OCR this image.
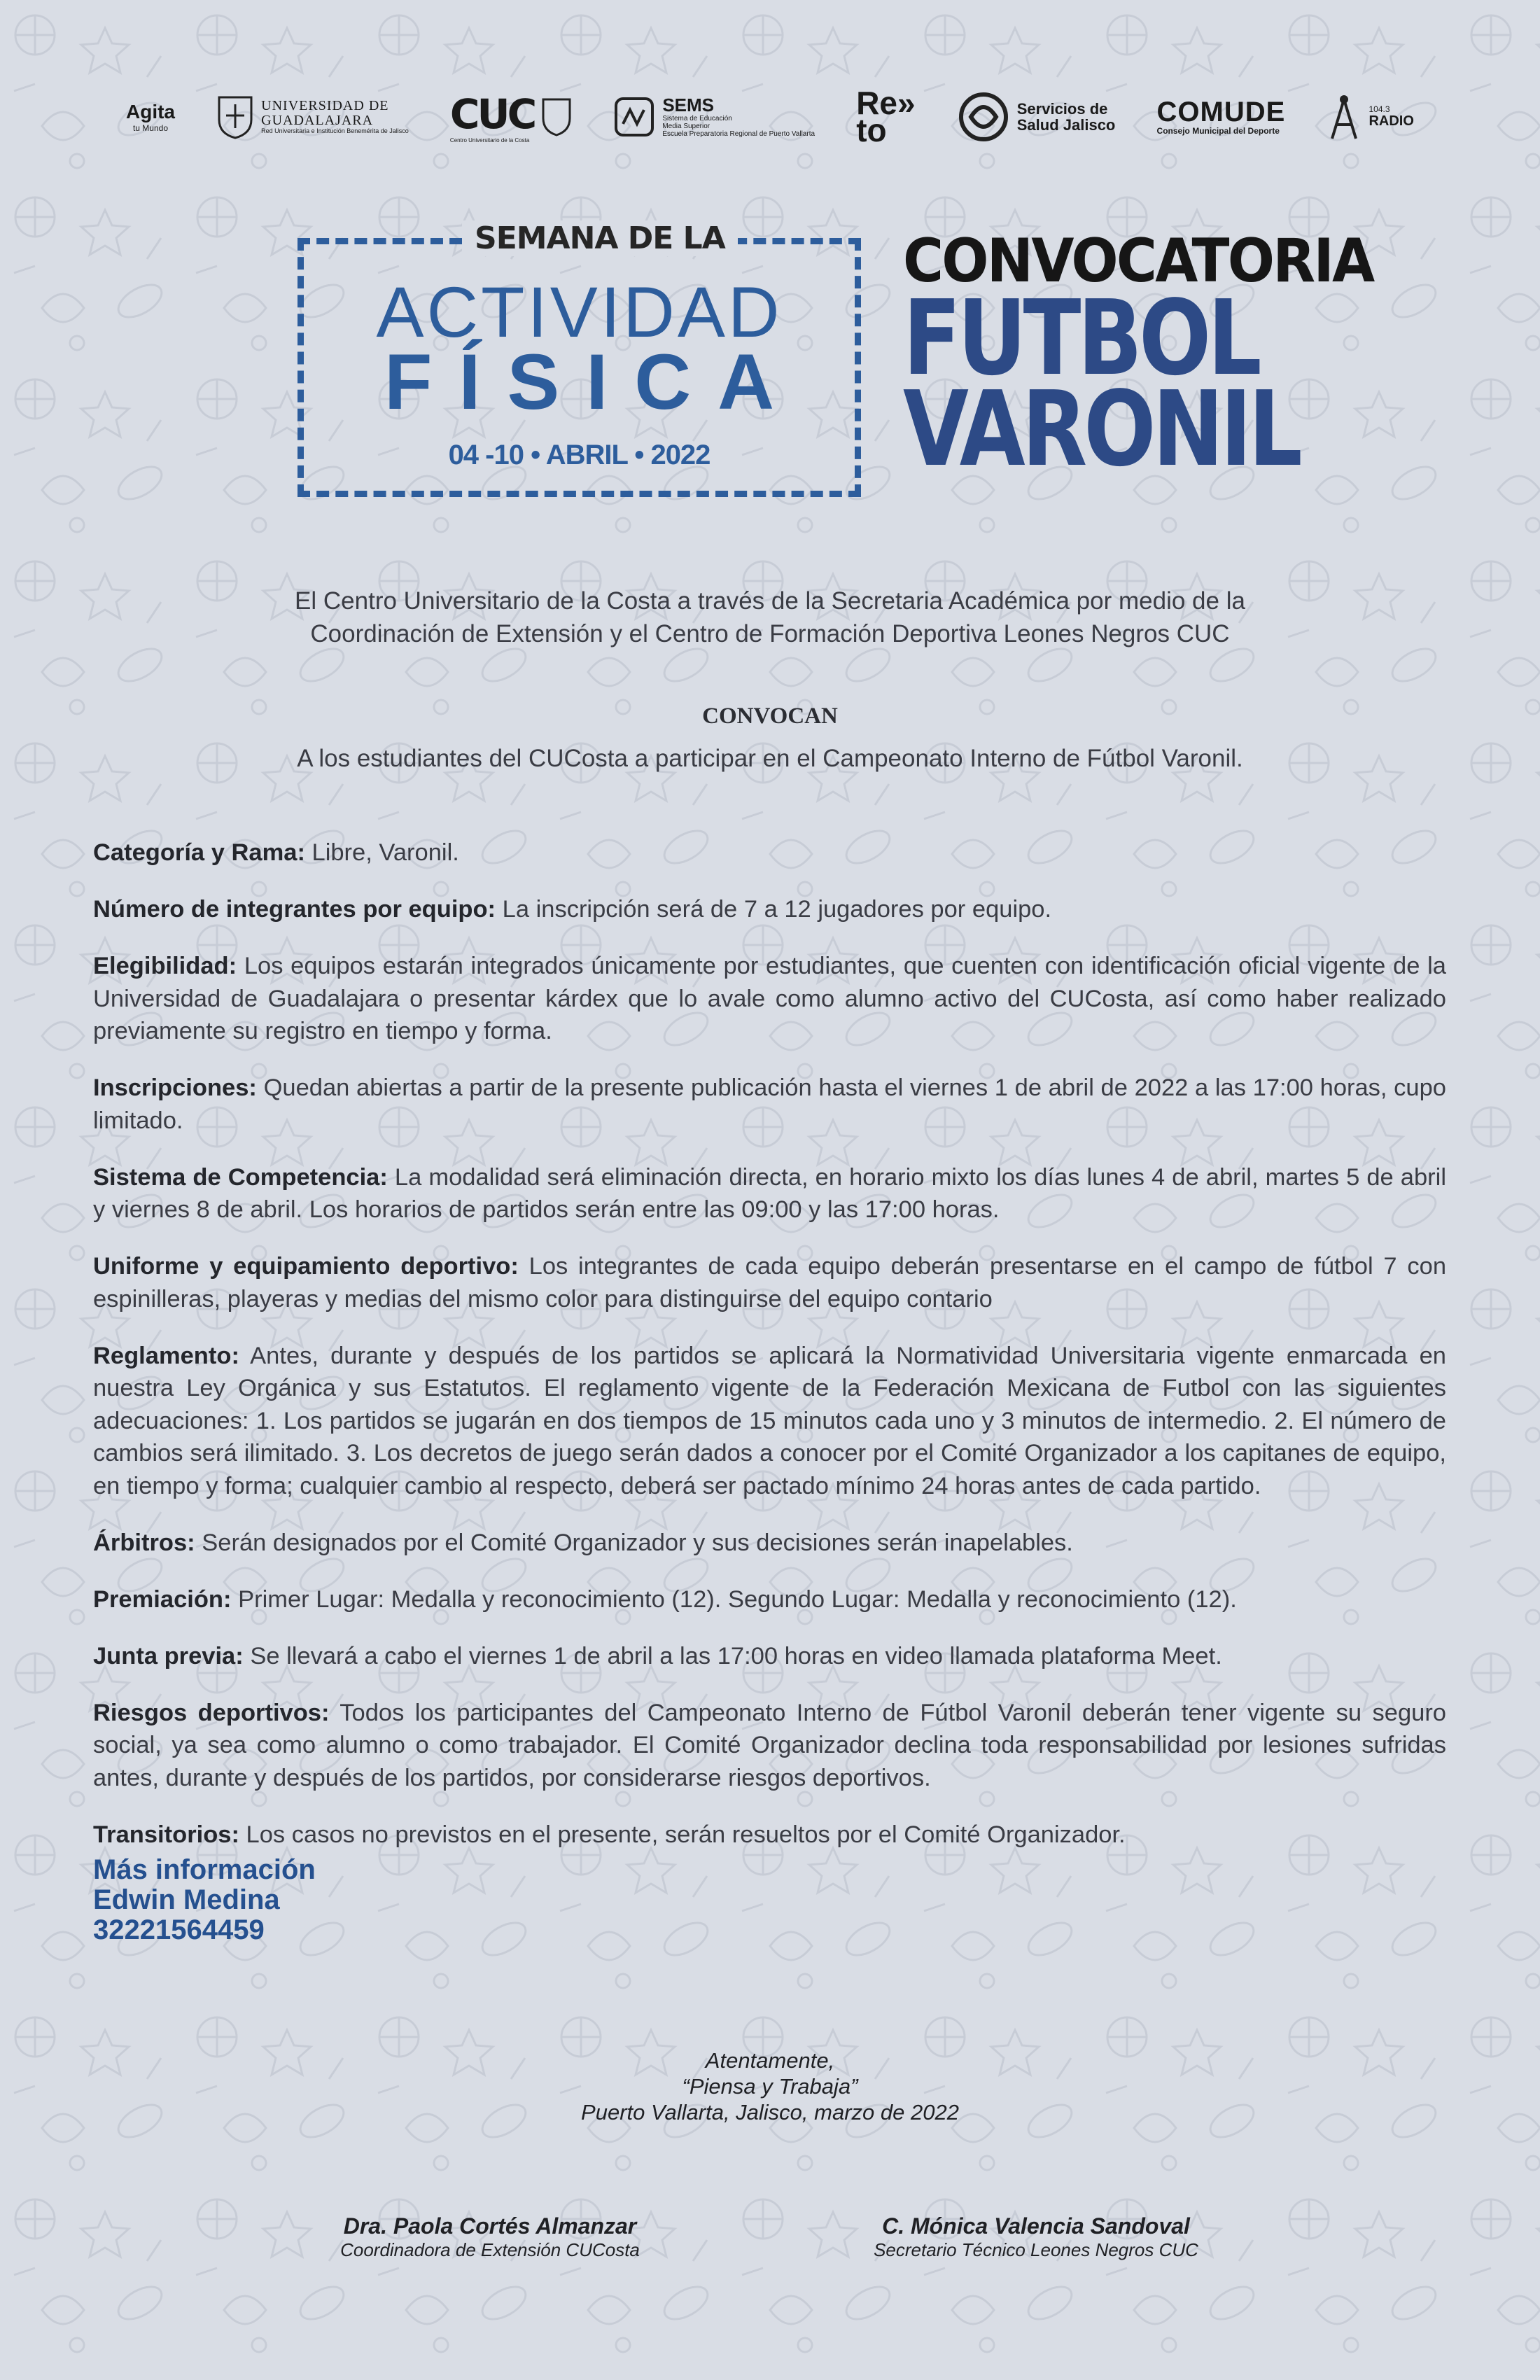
Agita
tu Mundo
UNIVERSIDAD DE
GUADALAJARA
Red Universitaria e Institución Benemérita de Jalisco CUC
Centro Universitario de la Costa
SEMS
Sistema de Educación
Media Superior
Escuela Preparatoria Regional de Puerto Vallarta
Re»
to
Servicios de
Salud Jalisco COMUDE
Consejo Municipal del Deporte
104.3
RADIO
SEMANA DE LA
ACTIVIDAD
FÍSICA
04 -10 • ABRIL • 2022
CONVOCATORIA
FUTBOL
VARONIL
El Centro Universitario de la Costa a través de la Secretaria Académica por medio de la
Coordinación de Extensión y el Centro de Formación Deportiva Leones Negros CUC
CONVOCAN
A los estudiantes del CUCosta a participar en el Campeonato Interno de Fútbol Varonil.

Categoría y Rama: Libre, Varonil.

Número de integrantes por equipo: La inscripción será de 7 a 12 jugadores por equipo.

Elegibilidad: Los equipos estarán integrados únicamente por estudiantes, que cuenten con identificación oficial vigente de la Universidad de Guadalajara o presentar kárdex que lo avale como alumno activo del CUCosta, así como haber realizado previamente su registro en tiempo y forma.

Inscripciones: Quedan abiertas a partir de la presente publicación hasta el viernes 1 de abril de 2022 a las 17:00 horas, cupo limitado.

Sistema de Competencia: La modalidad será eliminación directa, en horario mixto los días lunes 4 de abril, martes 5 de abril y viernes 8 de abril. Los horarios de partidos serán entre las 09:00 y las 17:00 horas.

Uniforme y equipamiento deportivo: Los integrantes de cada equipo deberán presentarse en el campo de fútbol 7 con espinilleras, playeras y medias del mismo color para distinguirse del equipo contario

Reglamento: Antes, durante y después de los partidos se aplicará la Normatividad Universitaria vigente enmarcada en nuestra Ley Orgánica y sus Estatutos. El reglamento vigente de la Federación Mexicana de Futbol con las siguientes adecuaciones: 1. Los partidos se jugarán en dos tiempos de 15 minutos cada uno y 3 minutos de intermedio. 2. El número de cambios será ilimitado. 3. Los decretos de juego serán dados a conocer por el Comité Organizador a los capitanes de equipo, en tiempo y forma; cualquier cambio al respecto, deberá ser pactado mínimo 24 horas antes de cada partido.

Árbitros: Serán designados por el Comité Organizador y sus decisiones serán inapelables.

Premiación: Primer Lugar: Medalla y reconocimiento (12). Segundo Lugar: Medalla y reconocimiento (12).

Junta previa: Se llevará a cabo el viernes 1 de abril a las 17:00 horas en video llamada plataforma Meet.

Riesgos deportivos: Todos los participantes del Campeonato Interno de Fútbol Varonil deberán tener vigente su seguro social, ya sea como alumno o como trabajador. El Comité Organizador declina toda responsabilidad por lesiones sufridas antes, durante y después de los partidos, por considerarse riesgos deportivos.

Transitorios: Los casos no previstos en el presente, serán resueltos por el Comité Organizador.

Más información
Edwin Medina
32221564459
Atentamente,
“Piensa y Trabaja”
Puerto Vallarta, Jalisco, marzo de 2022
Dra. Paola Cortés Almanzar
Coordinadora de Extensión CUCosta
C. Mónica Valencia Sandoval
Secretario Técnico Leones Negros CUC
